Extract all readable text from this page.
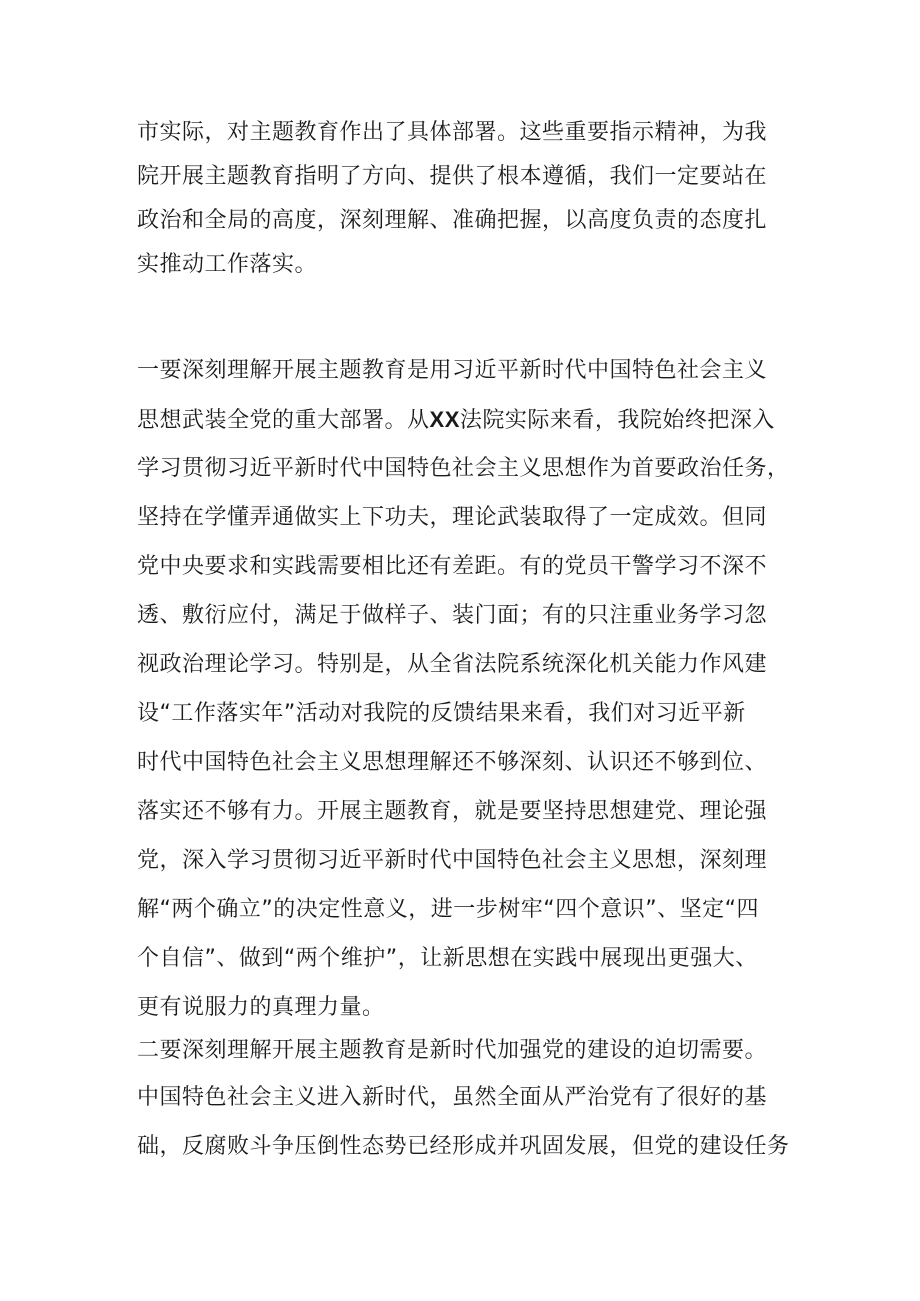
市实际，对主题教育作出了具体部署。这些重要指示精神，为我
院开展主题教育指明了方向、提供了根本遵循，我们一定要站在
政治和全局的高度，深刻理解、准确把握，以高度负责的态度扎
实推动工作落实。
一要深刻理解开展主题教育是用习近平新时代中国特色社会主义
思想武装全党的重大部署。从XX法院实际来看，我院始终把深入
学习贯彻习近平新时代中国特色社会主义思想作为首要政治任务，
坚持在学懂弄通做实上下功夫，理论武装取得了一定成效。但同
党中央要求和实践需要相比还有差距。有的党员干警学习不深不
透、敷衍应付，满足于做样子、装门面；有的只注重业务学习忽
视政治理论学习。特别是，从全省法院系统深化机关能力作风建
设“工作落实年”活动对我院的反馈结果来看，我们对习近平新
时代中国特色社会主义思想理解还不够深刻、认识还不够到位、
落实还不够有力。开展主题教育，就是要坚持思想建党、理论强
党，深入学习贯彻习近平新时代中国特色社会主义思想，深刻理
解“两个确立”的决定性意义，进一步树牢“四个意识”、坚定“四
个自信”、做到“两个维护”，让新思想在实践中展现出更强大、
更有说服力的真理力量。
二要深刻理解开展主题教育是新时代加强党的建设的迫切需要。
中国特色社会主义进入新时代，虽然全面从严治党有了很好的基
础，反腐败斗争压倒性态势已经形成并巩固发展，但党的建设任务
